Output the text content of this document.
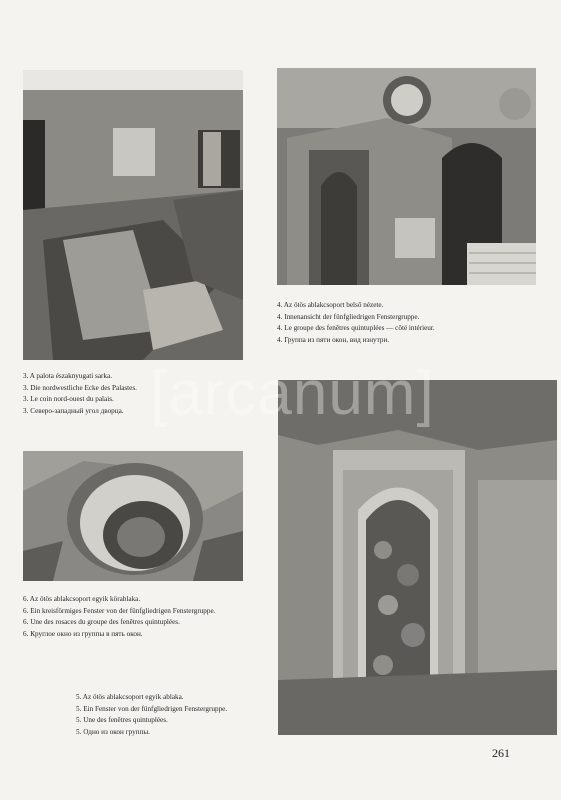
4. Az ötös ablakcsoport belső nézete.
4. Innenansicht der fünfgliedrigen Fenstergruppe.
4. Le groupe des fenêtres quintuplées — côté intérieur.
4. Группа из пяти окон, вид изнутри.
3. A palota északnyugati sarka.
3. Die nordwestliche Ecke des Palastes.
3. Le coin nord-ouest du palais.
3. Северо-западный угол дворца.
6. Az ötös ablakcsoport egyik körablaka.
6. Ein kreisförmiges Fenster von der fünfgliedrigen Fenstergruppe.
6. Une des rosaces du groupe des fenêtres quintuplées.
6. Круглое окно из группы в пять окон.
5. Az ötös ablakcsoport egyik ablaka.
5. Ein Fenster von der fünfgliedrigen Fenstergruppe.
5. Une des fenêtres quintuplées.
5. Одно из окон группы.
[arcanum]
261
